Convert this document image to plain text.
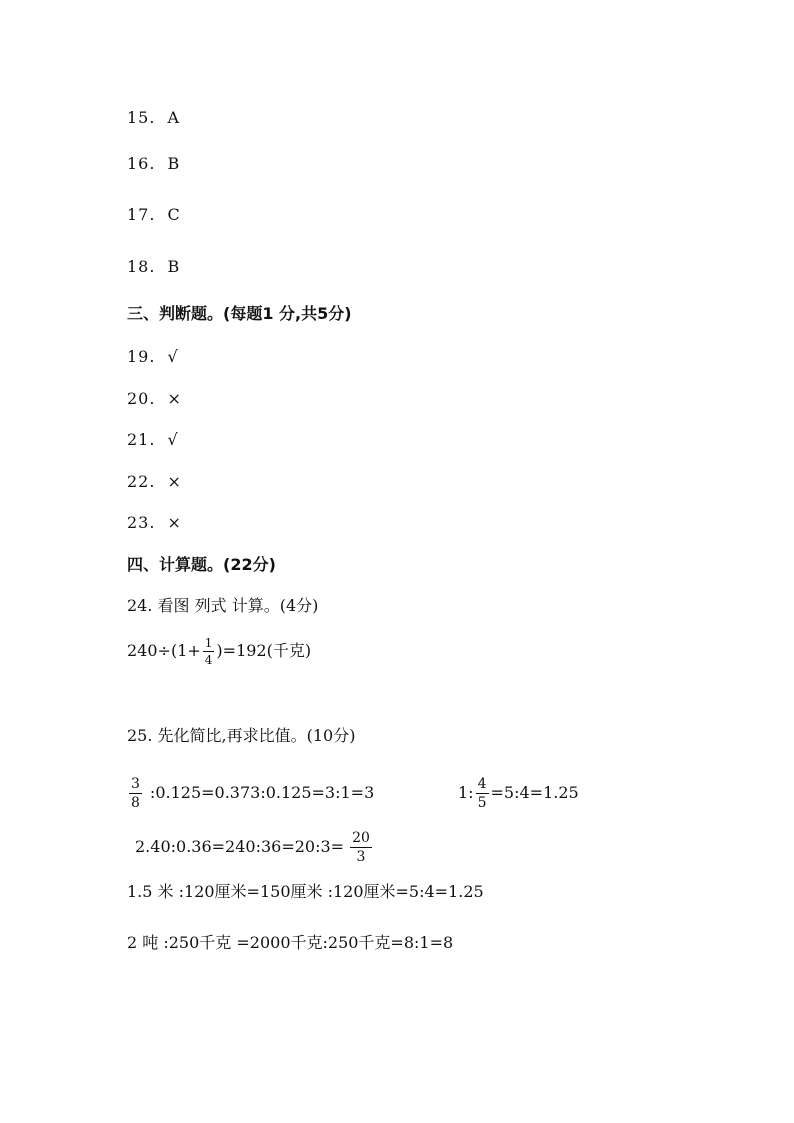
15. A
16. B
17. C
18. B
三、判断题。(每题1 分,共5分)
19. √
20. ×
21. √
22. ×
23. ×
四、计算题。(22分)
24. 看图 列式 计算。(4分)
$240\div(1+ \frac{1}{4} )=192$(千克)
25. 先化简比,再求比值。(10分)
$\frac{3}{8}$ :0.125=0.373:0.125=3:1=3	1: $\frac{4}{5}$ =5:4=1.25
2.40:0.36=240:36=20:3= $\frac{20}{3}$
1.5 米 :120厘米=150厘米 :120厘米=5:4=1.25
2 吨 :250千克 =2000千克:250千克=8:1=8
